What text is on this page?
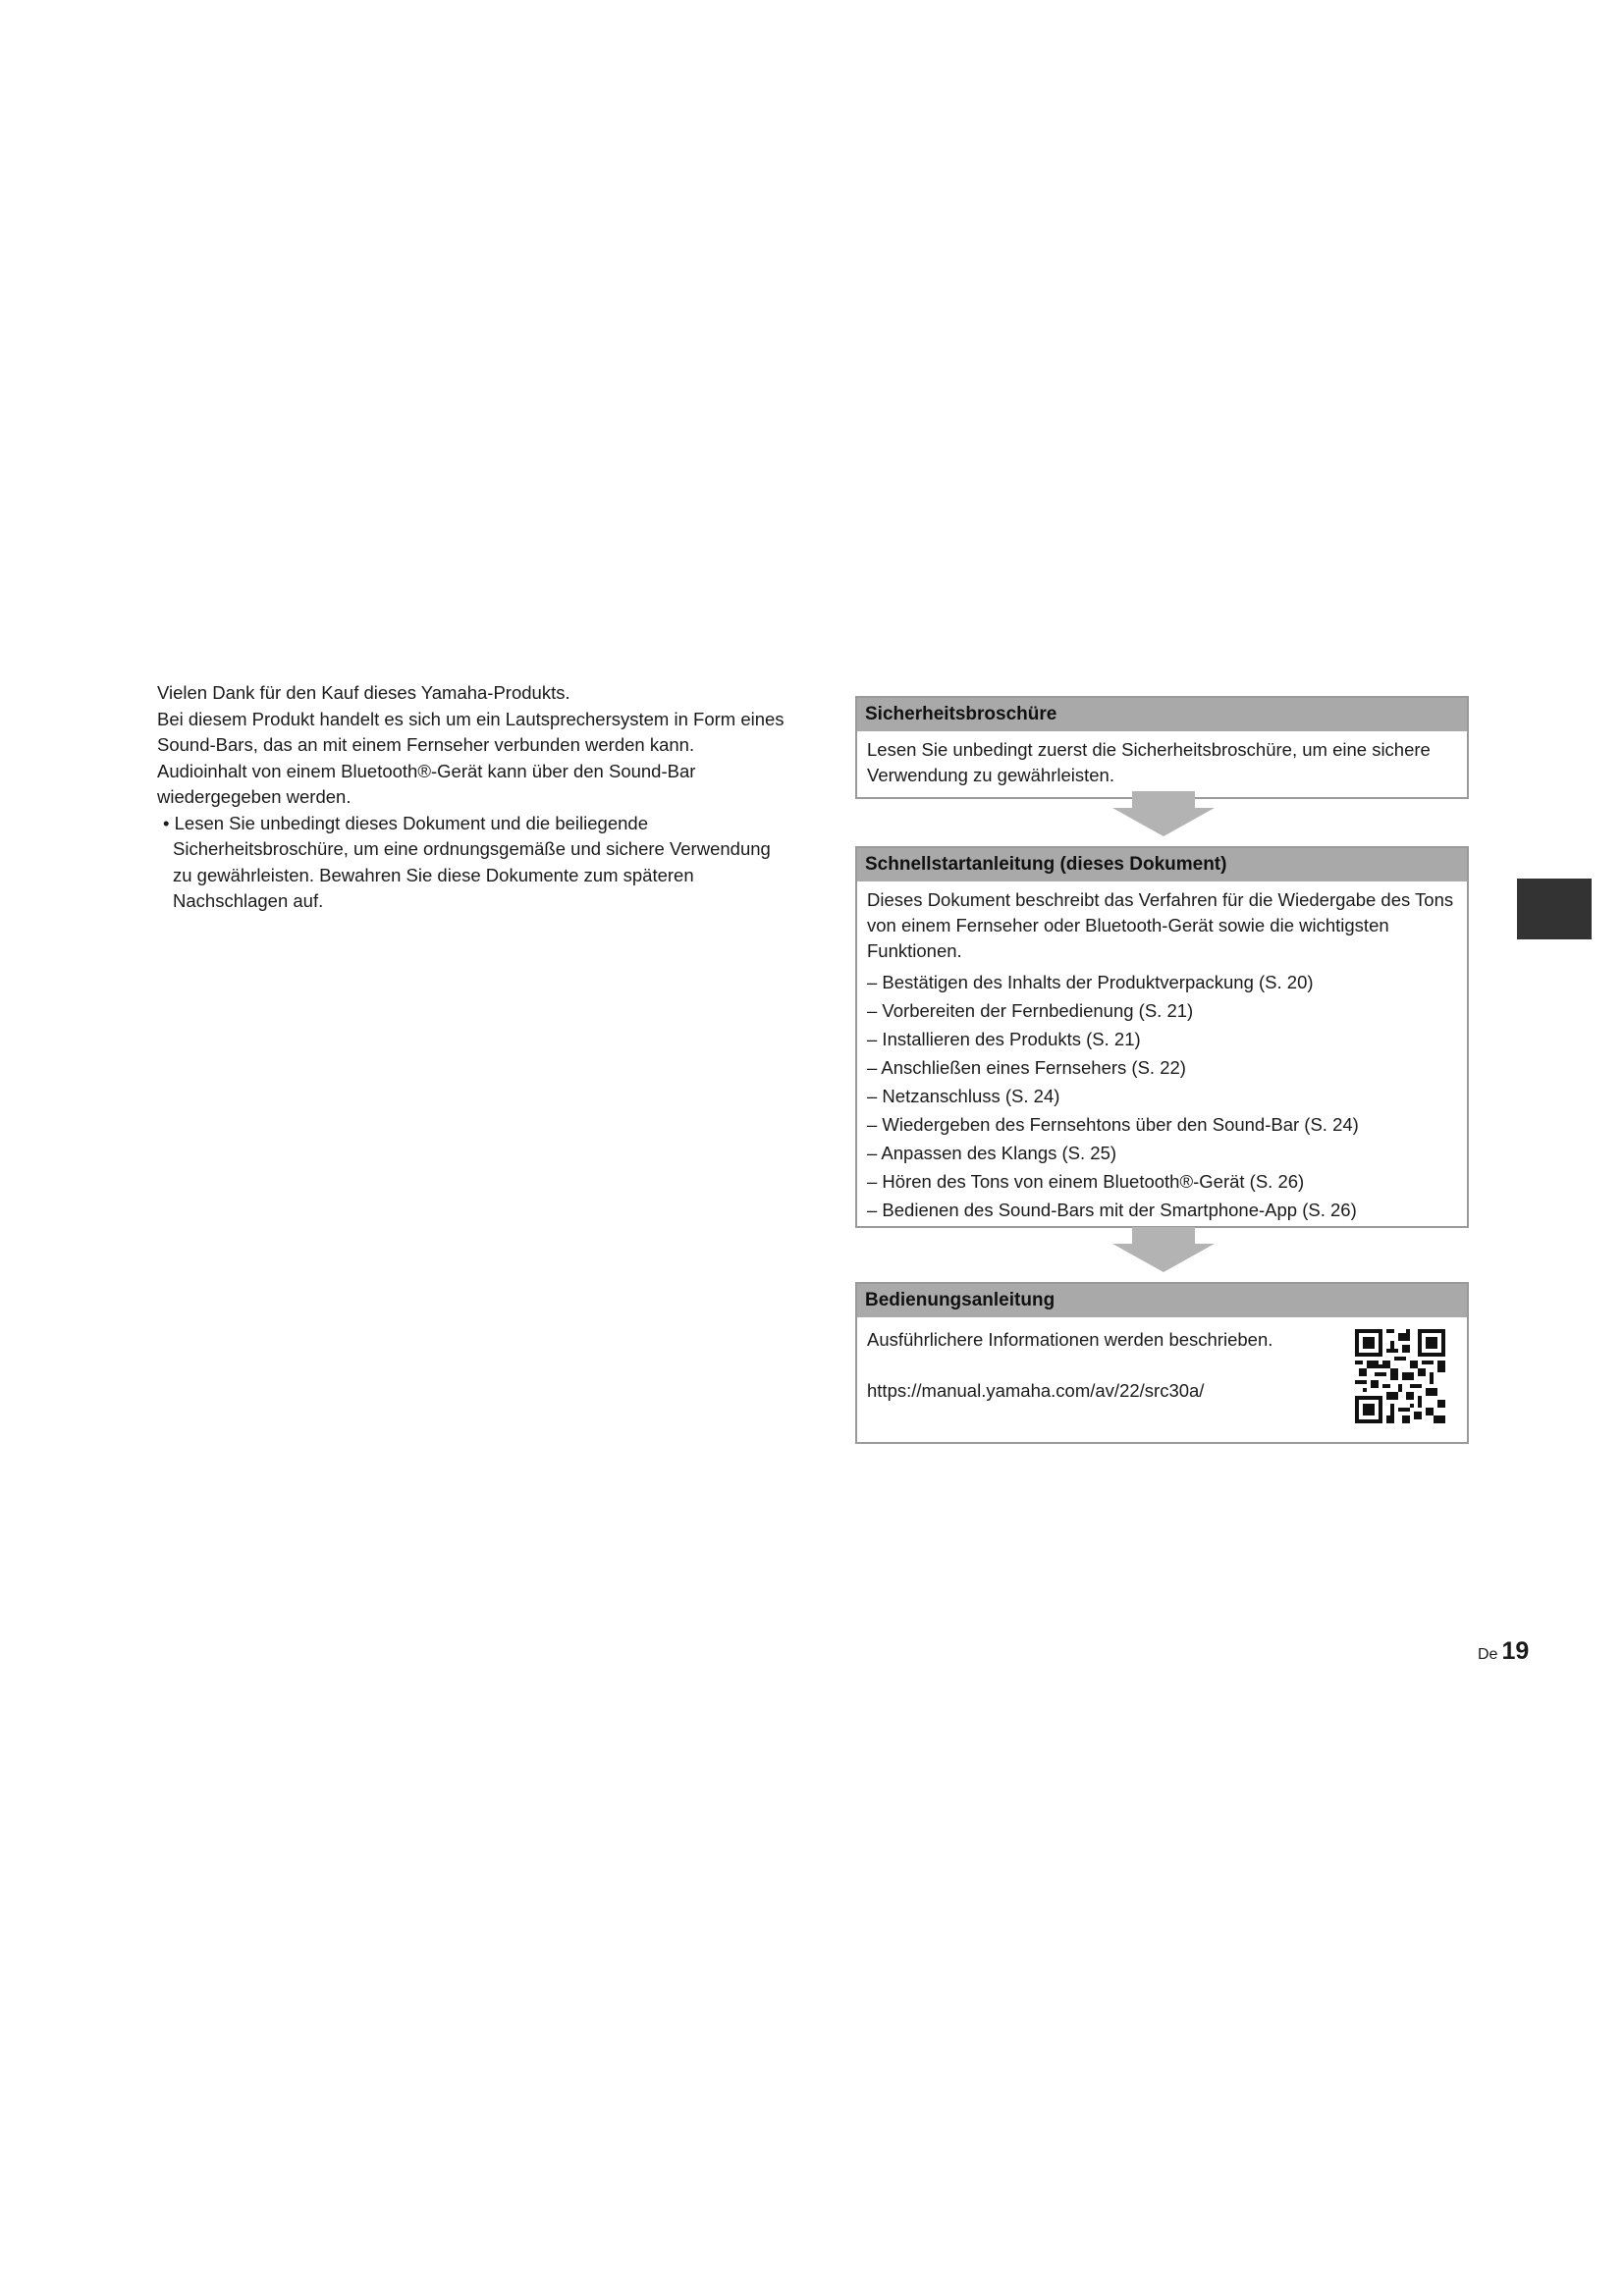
Vielen Dank für den Kauf dieses Yamaha-Produkts.

Bei diesem Produkt handelt es sich um ein Lautsprechersystem in Form eines Sound-Bars, das an mit einem Fernseher verbunden werden kann. Audioinhalt von einem Bluetooth®-Gerät kann über den Sound-Bar wiedergegeben werden.

• Lesen Sie unbedingt dieses Dokument und die beiliegende Sicherheitsbroschüre, um eine ordnungsgemäße und sichere Verwendung zu gewährleisten. Bewahren Sie diese Dokumente zum späteren Nachschlagen auf.

Sicherheitsbroschüre

Lesen Sie unbedingt zuerst die Sicherheitsbroschüre, um eine sichere Verwendung zu gewährleisten.

Schnellstartanleitung (dieses Dokument)

Dieses Dokument beschreibt das Verfahren für die Wiedergabe des Tons von einem Fernseher oder Bluetooth-Gerät sowie die wichtigsten Funktionen.

– Bestätigen des Inhalts der Produktverpackung (S. 20)
– Vorbereiten der Fernbedienung (S. 21)
– Installieren des Produkts (S. 21)
– Anschließen eines Fernsehers (S. 22)
– Netzanschluss (S. 24)
– Wiedergeben des Fernsehtons über den Sound-Bar (S. 24)
– Anpassen des Klangs (S. 25)
– Hören des Tons von einem Bluetooth®-Gerät (S. 26)
– Bedienen des Sound-Bars mit der Smartphone-App (S. 26)
Bedienungsanleitung

Ausführlichere Informationen werden beschrieben.

https://manual.yamaha.com/av/22/src30a/

De 19
